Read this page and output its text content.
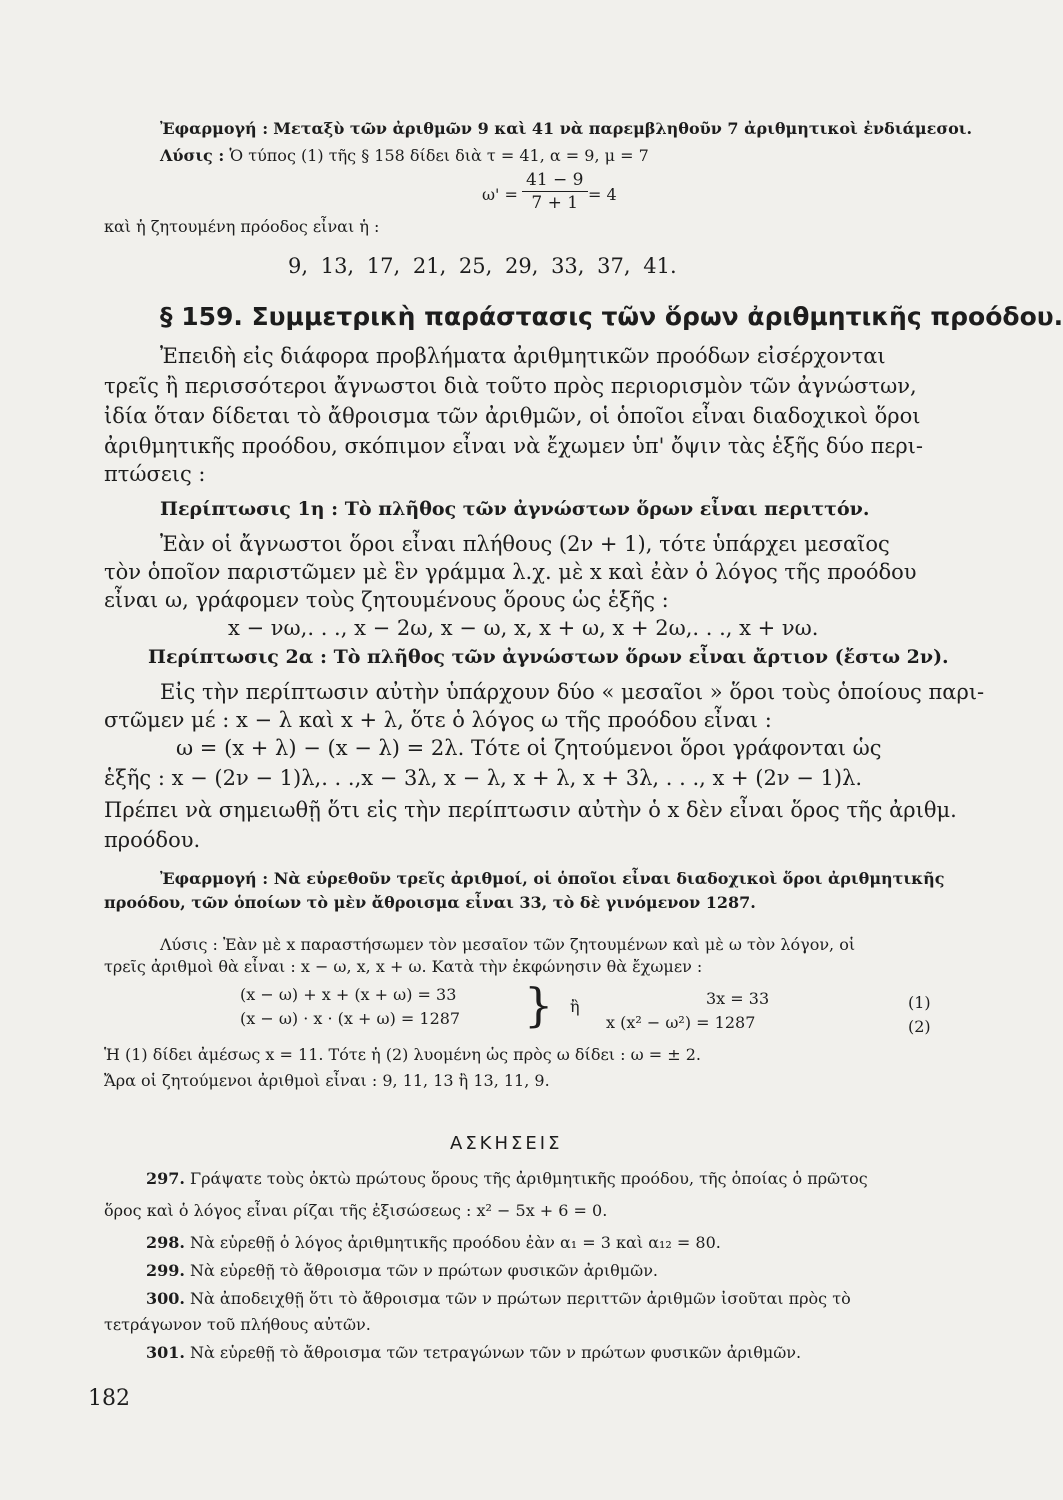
Ἐφαρμογή : Μεταξὺ τῶν ἀριθμῶν 9 καὶ 41 νὰ παρεμβληθοῦν 7 ἀριθμητικοὶ ἐνδιάμεσοι.

Λύσις : Ὁ τύπος (1) τῆς § 158 δίδει διὰ τ = 41, α = 9, μ = 7

$\omega' = \frac{41 - 9}{7 + 1} = 4$

καὶ ἡ ζητουμένη πρόοδος εἶναι ἡ :

9, 13, 17, 21, 25, 29, 33, 37, 41.

§ 159. Συμμετρικὴ παράστασις τῶν ὅρων ἀριθμητικῆς προόδου.

Ἐπειδὴ εἰς διάφορα προβλήματα ἀριθμητικῶν προόδων εἰσέρχονται

τρεῖς ἢ περισσότεροι ἄγνωστοι διὰ τοῦτο πρὸς περιορισμὸν τῶν ἀγνώστων,

ἰδία ὅταν δίδεται τὸ ἄθροισμα τῶν ἀριθμῶν, οἱ ὁποῖοι εἶναι διαδοχικοὶ ὅροι

ἀριθμητικῆς προόδου, σκόπιμον εἶναι νὰ ἔχωμεν ὑπ' ὄψιν τὰς ἑξῆς δύο περι-

πτώσεις :

Περίπτωσις 1η : Τὸ πλῆθος τῶν ἀγνώστων ὅρων εἶναι περιττόν.

Ἐὰν οἱ ἄγνωστοι ὅροι εἶναι πλήθους (2ν + 1), τότε ὑπάρχει μεσαῖος

τὸν ὁποῖον παριστῶμεν μὲ ἓν γράμμα λ.χ. μὲ x καὶ ἐὰν ὁ λόγος τῆς προόδου

εἶναι ω, γράφομεν τοὺς ζητουμένους ὅρους ὡς ἑξῆς :

x − νω,. . ., x − 2ω, x − ω, x, x + ω, x + 2ω,. . ., x + νω.

Περίπτωσις 2α : Τὸ πλῆθος τῶν ἀγνώστων ὅρων εἶναι ἄρτιον (ἔστω 2ν).

Εἰς τὴν περίπτωσιν αὐτὴν ὑπάρχουν δύο « μεσαῖοι » ὅροι τοὺς ὁποίους παρι-

στῶμεν μέ : x − λ καὶ x + λ, ὅτε ὁ λόγος ω τῆς προόδου εἶναι :

ω = (x + λ) − (x − λ) = 2λ. Τότε οἱ ζητούμενοι ὅροι γράφονται ὡς

ἑξῆς : x − (2ν − 1)λ,. . .,x − 3λ, x − λ, x + λ, x + 3λ, . . ., x + (2ν − 1)λ.

Πρέπει νὰ σημειωθῇ ὅτι εἰς τὴν περίπτωσιν αὐτὴν ὁ x δὲν εἶναι ὅρος τῆς ἀριθμ.

προόδου.

Ἐφαρμογή : Νὰ εὑρεθοῦν τρεῖς ἀριθμοί, οἱ ὁποῖοι εἶναι διαδοχικοὶ ὅροι ἀριθμητικῆς

προόδου, τῶν ὁποίων τὸ μὲν ἄθροισμα εἶναι 33, τὸ δὲ γινόμενον 1287.

Λύσις : Ἐὰν μὲ x παραστήσωμεν τὸν μεσαῖον τῶν ζητουμένων καὶ μὲ ω τὸν λόγον, οἱ

τρεῖς ἀριθμοὶ θὰ εἶναι : x − ω, x, x + ω. Κατὰ τὴν ἐκφώνησιν θὰ ἔχωμεν :

(x − ω) + x + (x + ω) = 33

(x − ω) · x · (x + ω) = 1287 } ἢ	3x = 33

x (x² − ω²) = 1287

(1)

(2)

Ἡ (1) δίδει ἀμέσως x = 11. Τότε ἡ (2) λυομένη ὡς πρὸς ω δίδει : ω = ± 2.

Ἄρα οἱ ζητούμενοι ἀριθμοὶ εἶναι : 9, 11, 13 ἢ 13, 11, 9.

ΑΣΚΗΣΕΙΣ
297. Γράψατε τοὺς ὀκτὼ πρώτους ὅρους τῆς ἀριθμητικῆς προόδου, τῆς ὁποίας ὁ πρῶτος
ὅρος καὶ ὁ λόγος εἶναι ρίζαι τῆς ἐξισώσεως : x² − 5x + 6 = 0.
298. Νὰ εὑρεθῇ ὁ λόγος ἀριθμητικῆς προόδου ἐὰν α₁ = 3 καὶ α₁₂ = 80.
299. Νὰ εὑρεθῇ τὸ ἄθροισμα τῶν ν πρώτων φυσικῶν ἀριθμῶν.
300. Νὰ ἀποδειχθῇ ὅτι τὸ ἄθροισμα τῶν ν πρώτων περιττῶν ἀριθμῶν ἰσοῦται πρὸς τὸ
τετράγωνον τοῦ πλήθους αὐτῶν.
301. Νὰ εὑρεθῇ τὸ ἄθροισμα τῶν τετραγώνων τῶν ν πρώτων φυσικῶν ἀριθμῶν.

182
